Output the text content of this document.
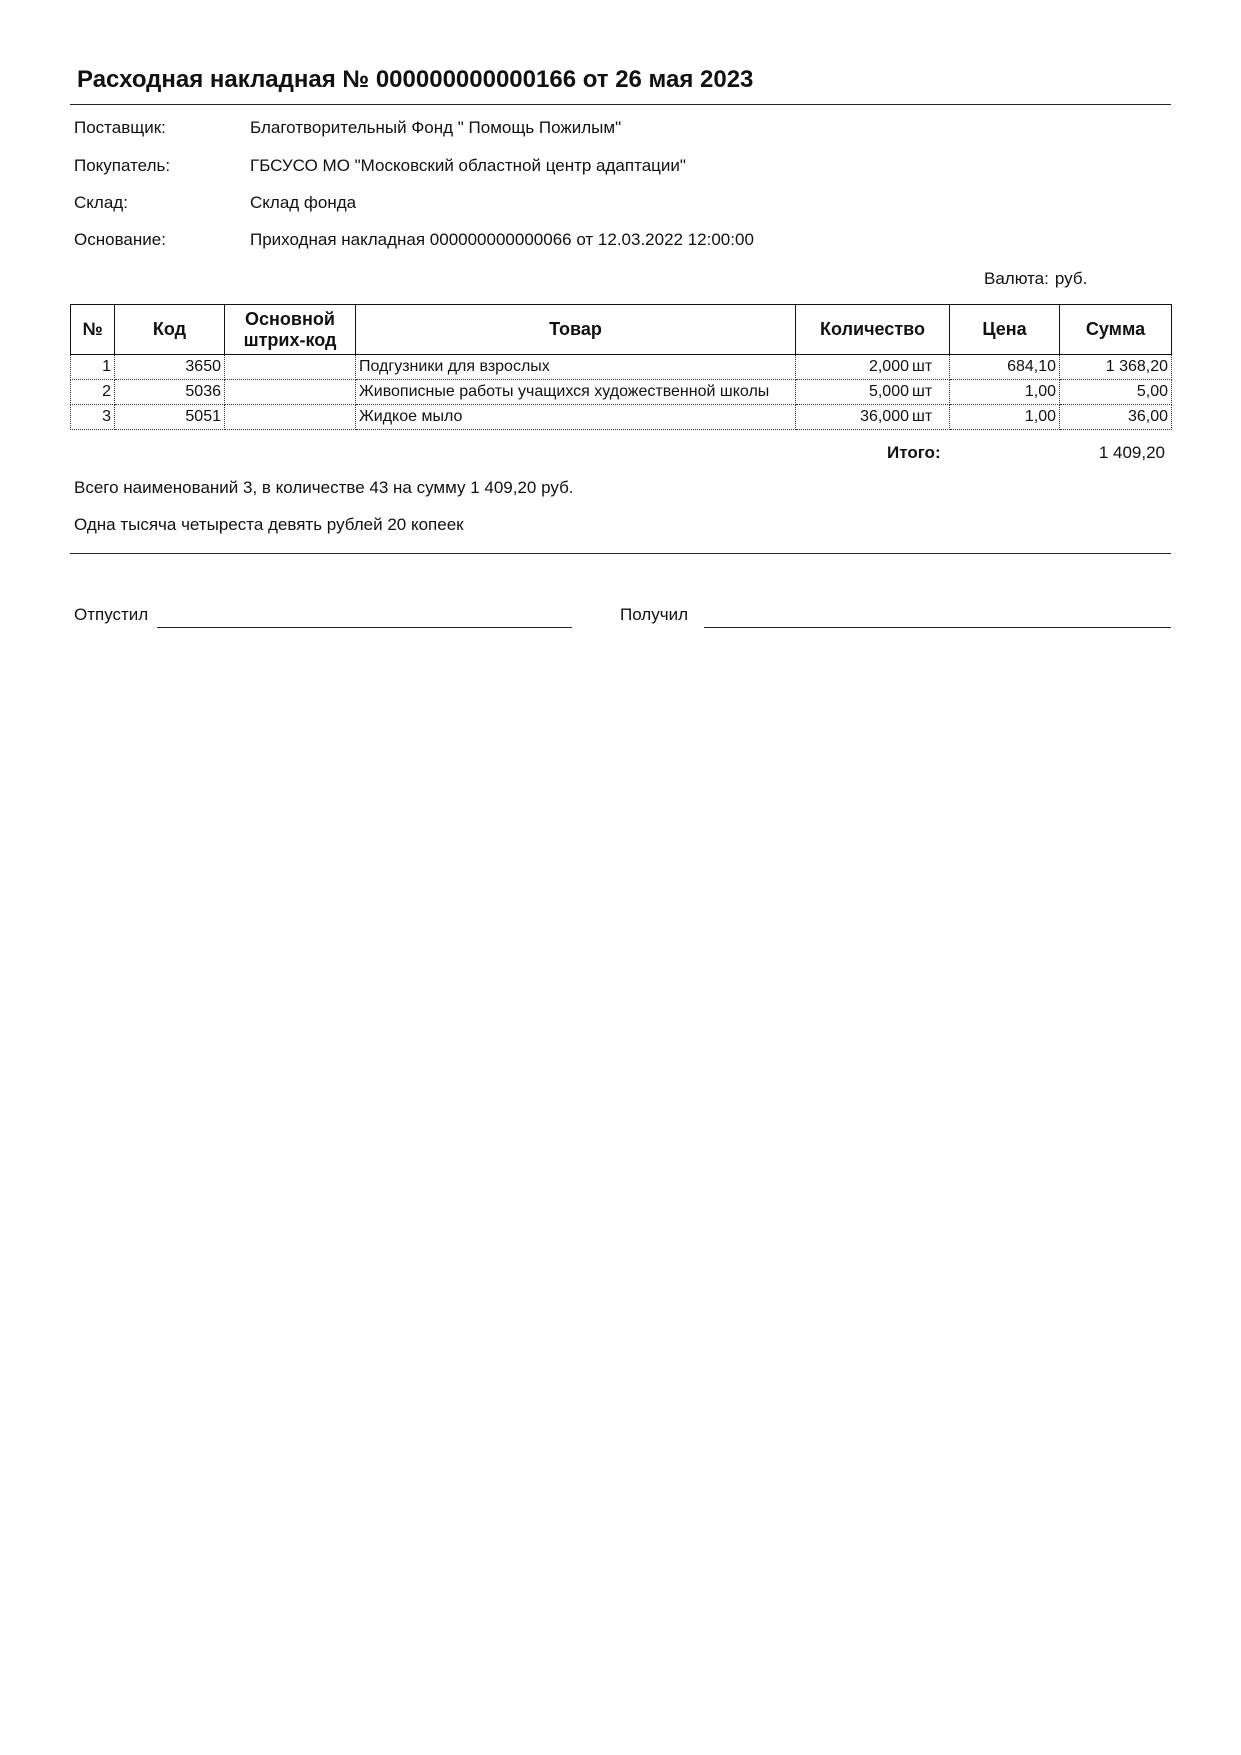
Расходная накладная № 000000000000166 от 26 мая 2023
Поставщик:	Благотворительный Фонд " Помощь Пожилым"
Покупатель:	ГБСУСО МО "Московский областной центр адаптации"
Склад:	Склад фонда
Основание:	Приходная накладная 000000000000066 от 12.03.2022 12:00:00
Валюта: руб.
№	Код	Основной штрих-код	Товар	Количество	Цена	Сумма
1	3650		Подгузники для взрослых	2,000 шт	684,10	1 368,20
2	5036		Живописные работы учащихся художественной школы	5,000 шт	1,00	5,00
3	5051		Жидкое мыло	36,000 шт	1,00	36,00
Итого:	1 409,20
Всего наименований 3, в количестве 43 на сумму 1 409,20 руб.
Одна тысяча четыреста девять рублей 20 копеек
Отпустил	Получил
